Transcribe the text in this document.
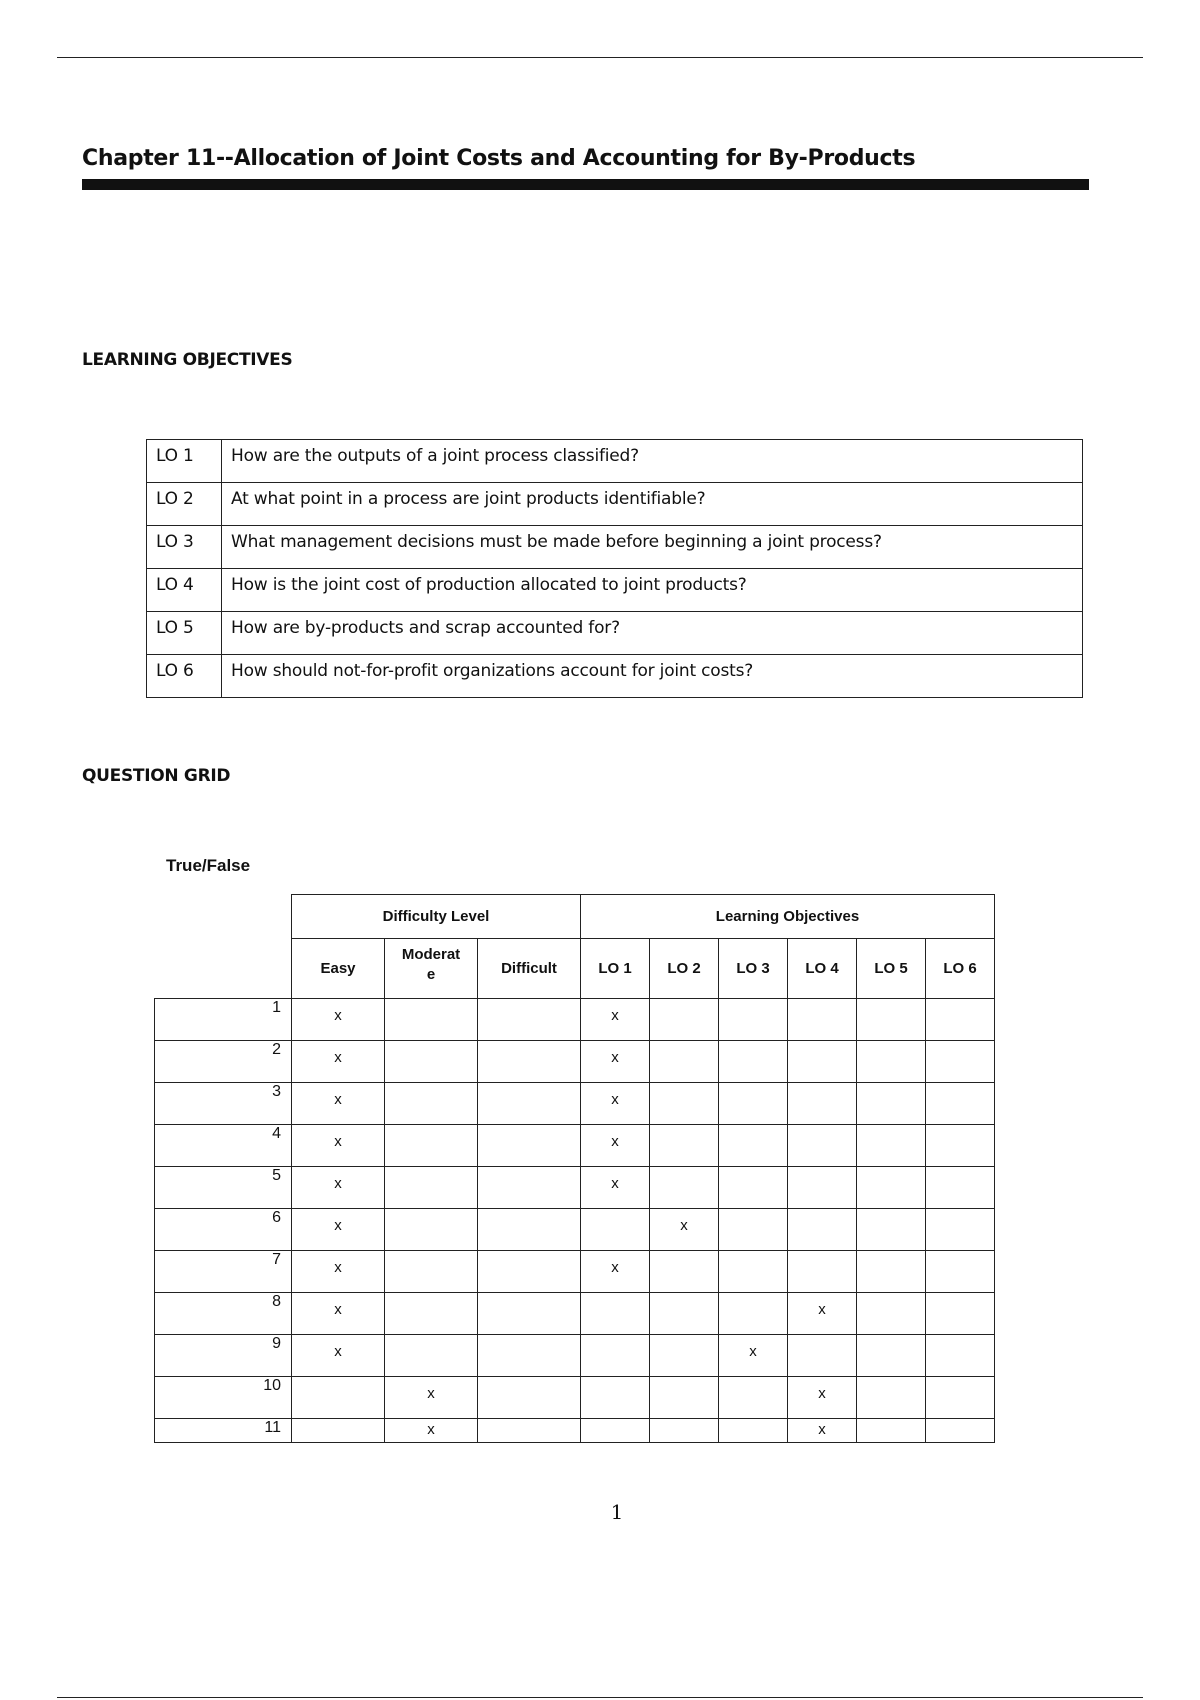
Chapter 11--Allocation of Joint Costs and Accounting for By-Products
LEARNING OBJECTIVES
LO 1	How are the outputs of a joint process classified?
LO 2	At what point in a process are joint products identifiable?
LO 3	What management decisions must be made before beginning a joint process?
LO 4	How is the joint cost of production allocated to joint products?
LO 5	How are by-products and scrap accounted for?
LO 6	How should not-for-profit organizations account for joint costs?
QUESTION GRID
True/False
	Difficulty Level			Learning Objectives					
	Easy	Moderat e	Difficult	LO 1	LO 2	LO 3	LO 4	LO 5	LO 6
1	x			x					
2	x			x					
3	x			x					
4	x			x					
5	x			x					
6	x				x				
7	x			x					
8	x						x		
9	x					x			
10		x					x		
11		x					x		
1
